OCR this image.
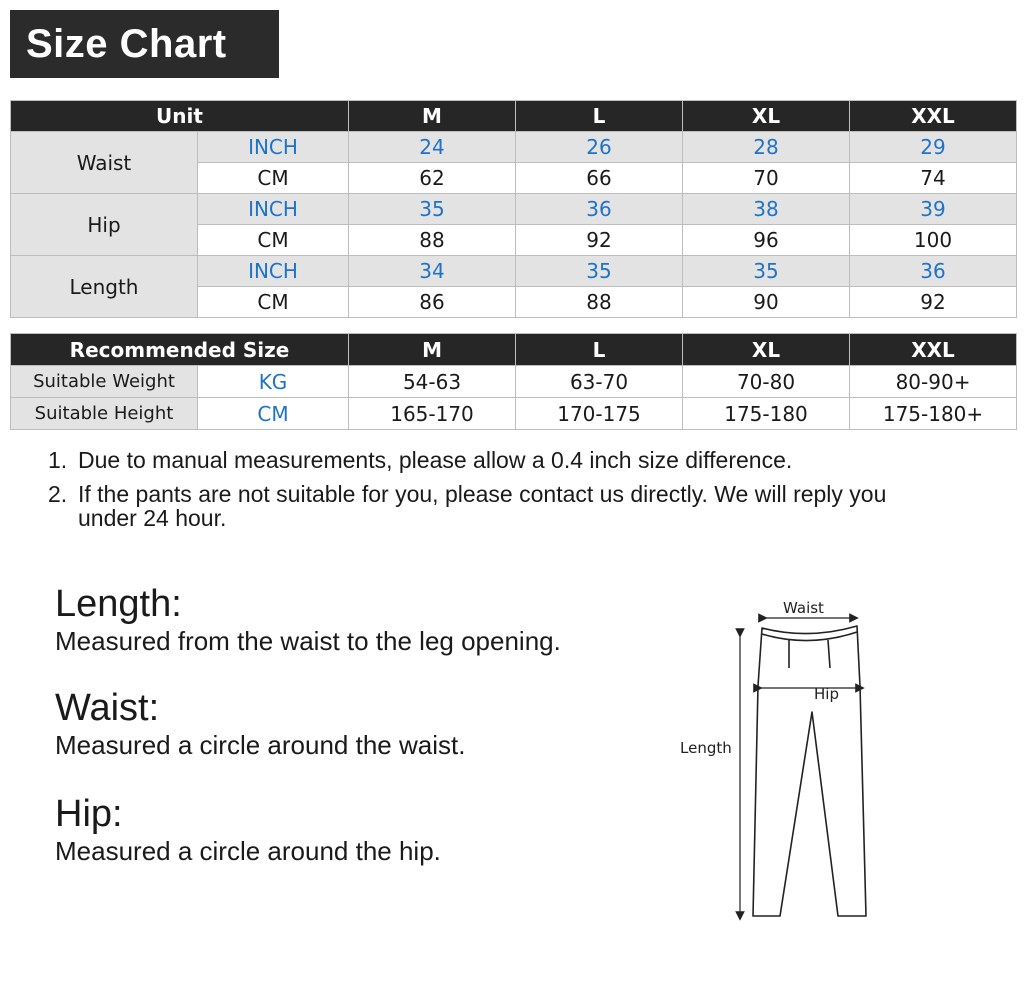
Size Chart
Unit		M	L	XL	XXL
Waist	INCH	24	26	28	29
	CM	62	66	70	74
Hip	INCH	35	36	38	39
	CM	88	92	96	100
Length	INCH	34	35	35	36
	CM	86	88	90	92

Recommended Size		M	L	XL	XXL
Suitable Weight	KG	54-63	63-70	70-80	80-90+
Suitable Height	CM	165-170	170-175	175-180	175-180+
1. Due to manual measurements, please allow a 0.4 inch size difference.
2. If the pants are not suitable for you, please contact us directly. We will reply you under 24 hour.
Length:
Measured from the waist to the leg opening.
Waist:
Measured a circle around the waist.
Hip:
Measured a circle around the hip.
Waist
Length
Hip
